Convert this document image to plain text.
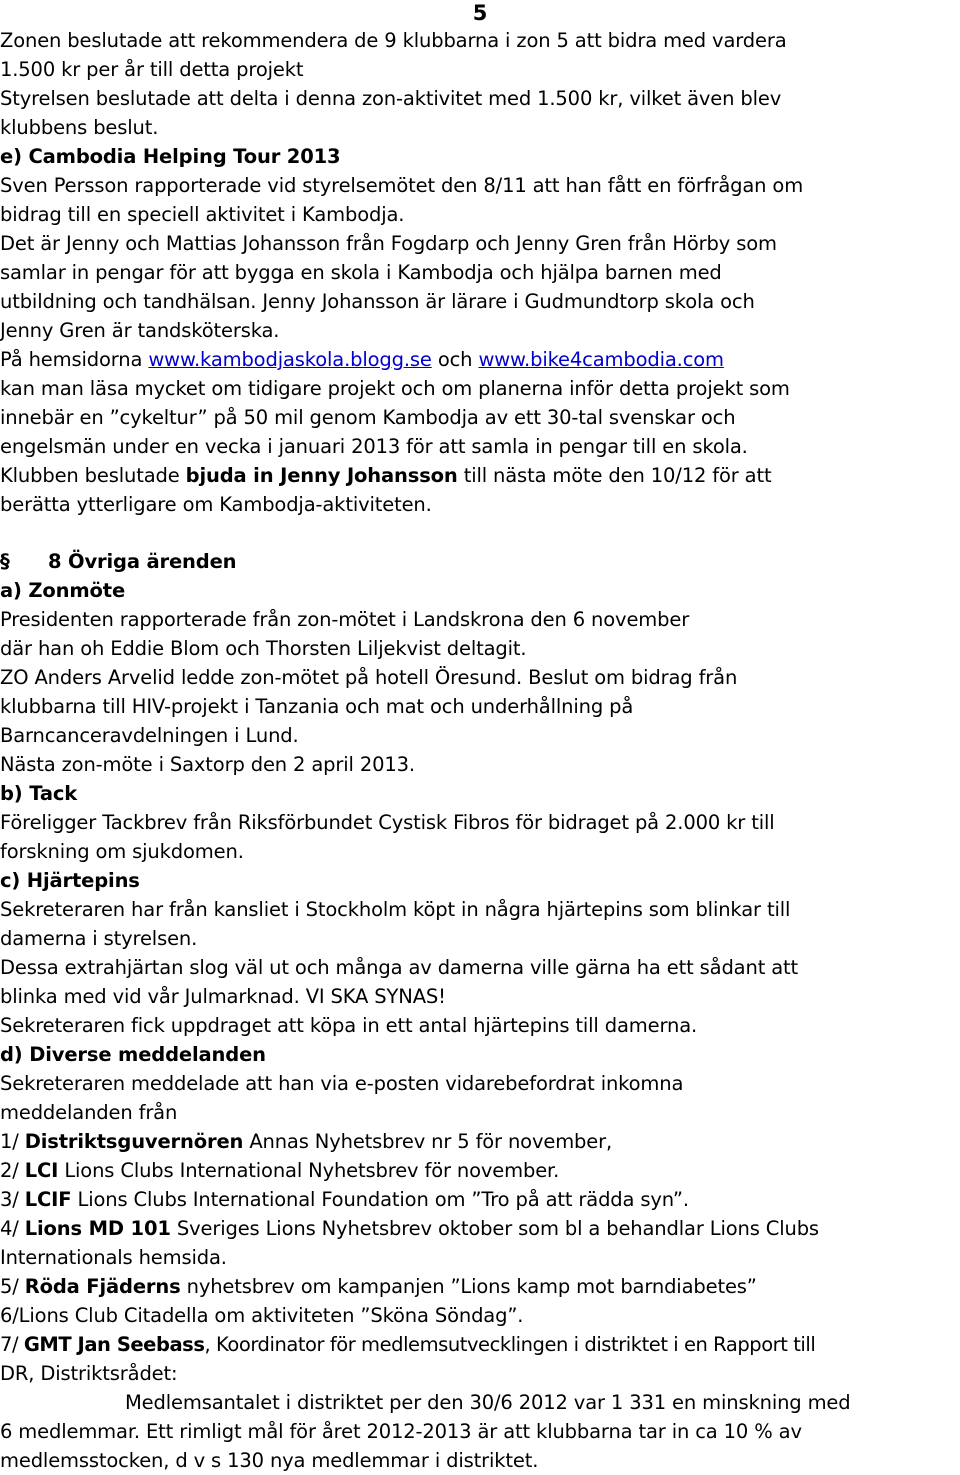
5
Zonen beslutade att rekommendera de 9 klubbarna i zon 5 att bidra med vardera
1.500 kr per år till detta projekt
Styrelsen beslutade att delta i denna zon-aktivitet med 1.500 kr, vilket även blev
klubbens beslut.
e) Cambodia Helping Tour 2013
Sven Persson rapporterade vid styrelsemötet den 8/11 att han fått en förfrågan om
bidrag till en speciell aktivitet i Kambodja.
Det är Jenny och Mattias Johansson från Fogdarp och Jenny Gren från Hörby som
samlar in pengar för att bygga en skola i Kambodja och hjälpa barnen med
utbildning och tandhälsan. Jenny Johansson är lärare i Gudmundtorp skola och
Jenny Gren är tandsköterska.
På hemsidorna www.kambodjaskola.blogg.se och www.bike4cambodia.com
kan man läsa mycket om tidigare projekt och om planerna inför detta projekt som
innebär en ”cykeltur” på 50 mil genom Kambodja av ett 30-tal svenskar och
engelsmän under en vecka i januari 2013 för att samla in pengar till en skola.
Klubben beslutade bjuda in Jenny Johansson till nästa möte den 10/12 för att
berätta ytterligare om Kambodja-aktiviteten.
§ 8 Övriga ärenden
a) Zonmöte
Presidenten rapporterade från zon-mötet i Landskrona den 6 november
där han oh Eddie Blom och Thorsten Liljekvist deltagit.
ZO Anders Arvelid ledde zon-mötet på hotell Öresund. Beslut om bidrag från
klubbarna till HIV-projekt i Tanzania och mat och underhållning på
Barncanceravdelningen i Lund.
Nästa zon-möte i Saxtorp den 2 april 2013.
b) Tack
Föreligger Tackbrev från Riksförbundet Cystisk Fibros för bidraget på 2.000 kr till
forskning om sjukdomen.
c) Hjärtepins
Sekreteraren har från kansliet i Stockholm köpt in några hjärtepins som blinkar till
damerna i styrelsen.
Dessa extrahjärtan slog väl ut och många av damerna ville gärna ha ett sådant att
blinka med vid vår Julmarknad. VI SKA SYNAS!
Sekreteraren fick uppdraget att köpa in ett antal hjärtepins till damerna.
d) Diverse meddelanden
Sekreteraren meddelade att han via e-posten vidarebefordrat inkomna
meddelanden från
1/ Distriktsguvernören Annas Nyhetsbrev nr 5 för november,
2/ LCI Lions Clubs International Nyhetsbrev för november.
3/ LCIF Lions Clubs International Foundation om ”Tro på att rädda syn”.
4/ Lions MD 101 Sveriges Lions Nyhetsbrev oktober som bl a behandlar Lions Clubs
Internationals hemsida.
5/ Röda Fjäderns nyhetsbrev om kampanjen ”Lions kamp mot barndiabetes”
6/Lions Club Citadella om aktiviteten ”Sköna Söndag”.
7/ GMT Jan Seebass, Koordinator för medlemsutvecklingen i distriktet i en Rapport till
DR, Distriktsrådet:
Medlemsantalet i distriktet per den 30/6 2012 var 1 331 en minskning med
6 medlemmar. Ett rimligt mål för året 2012-2013 är att klubbarna tar in ca 10 % av
medlemsstocken, d v s 130 nya medlemmar i distriktet.
